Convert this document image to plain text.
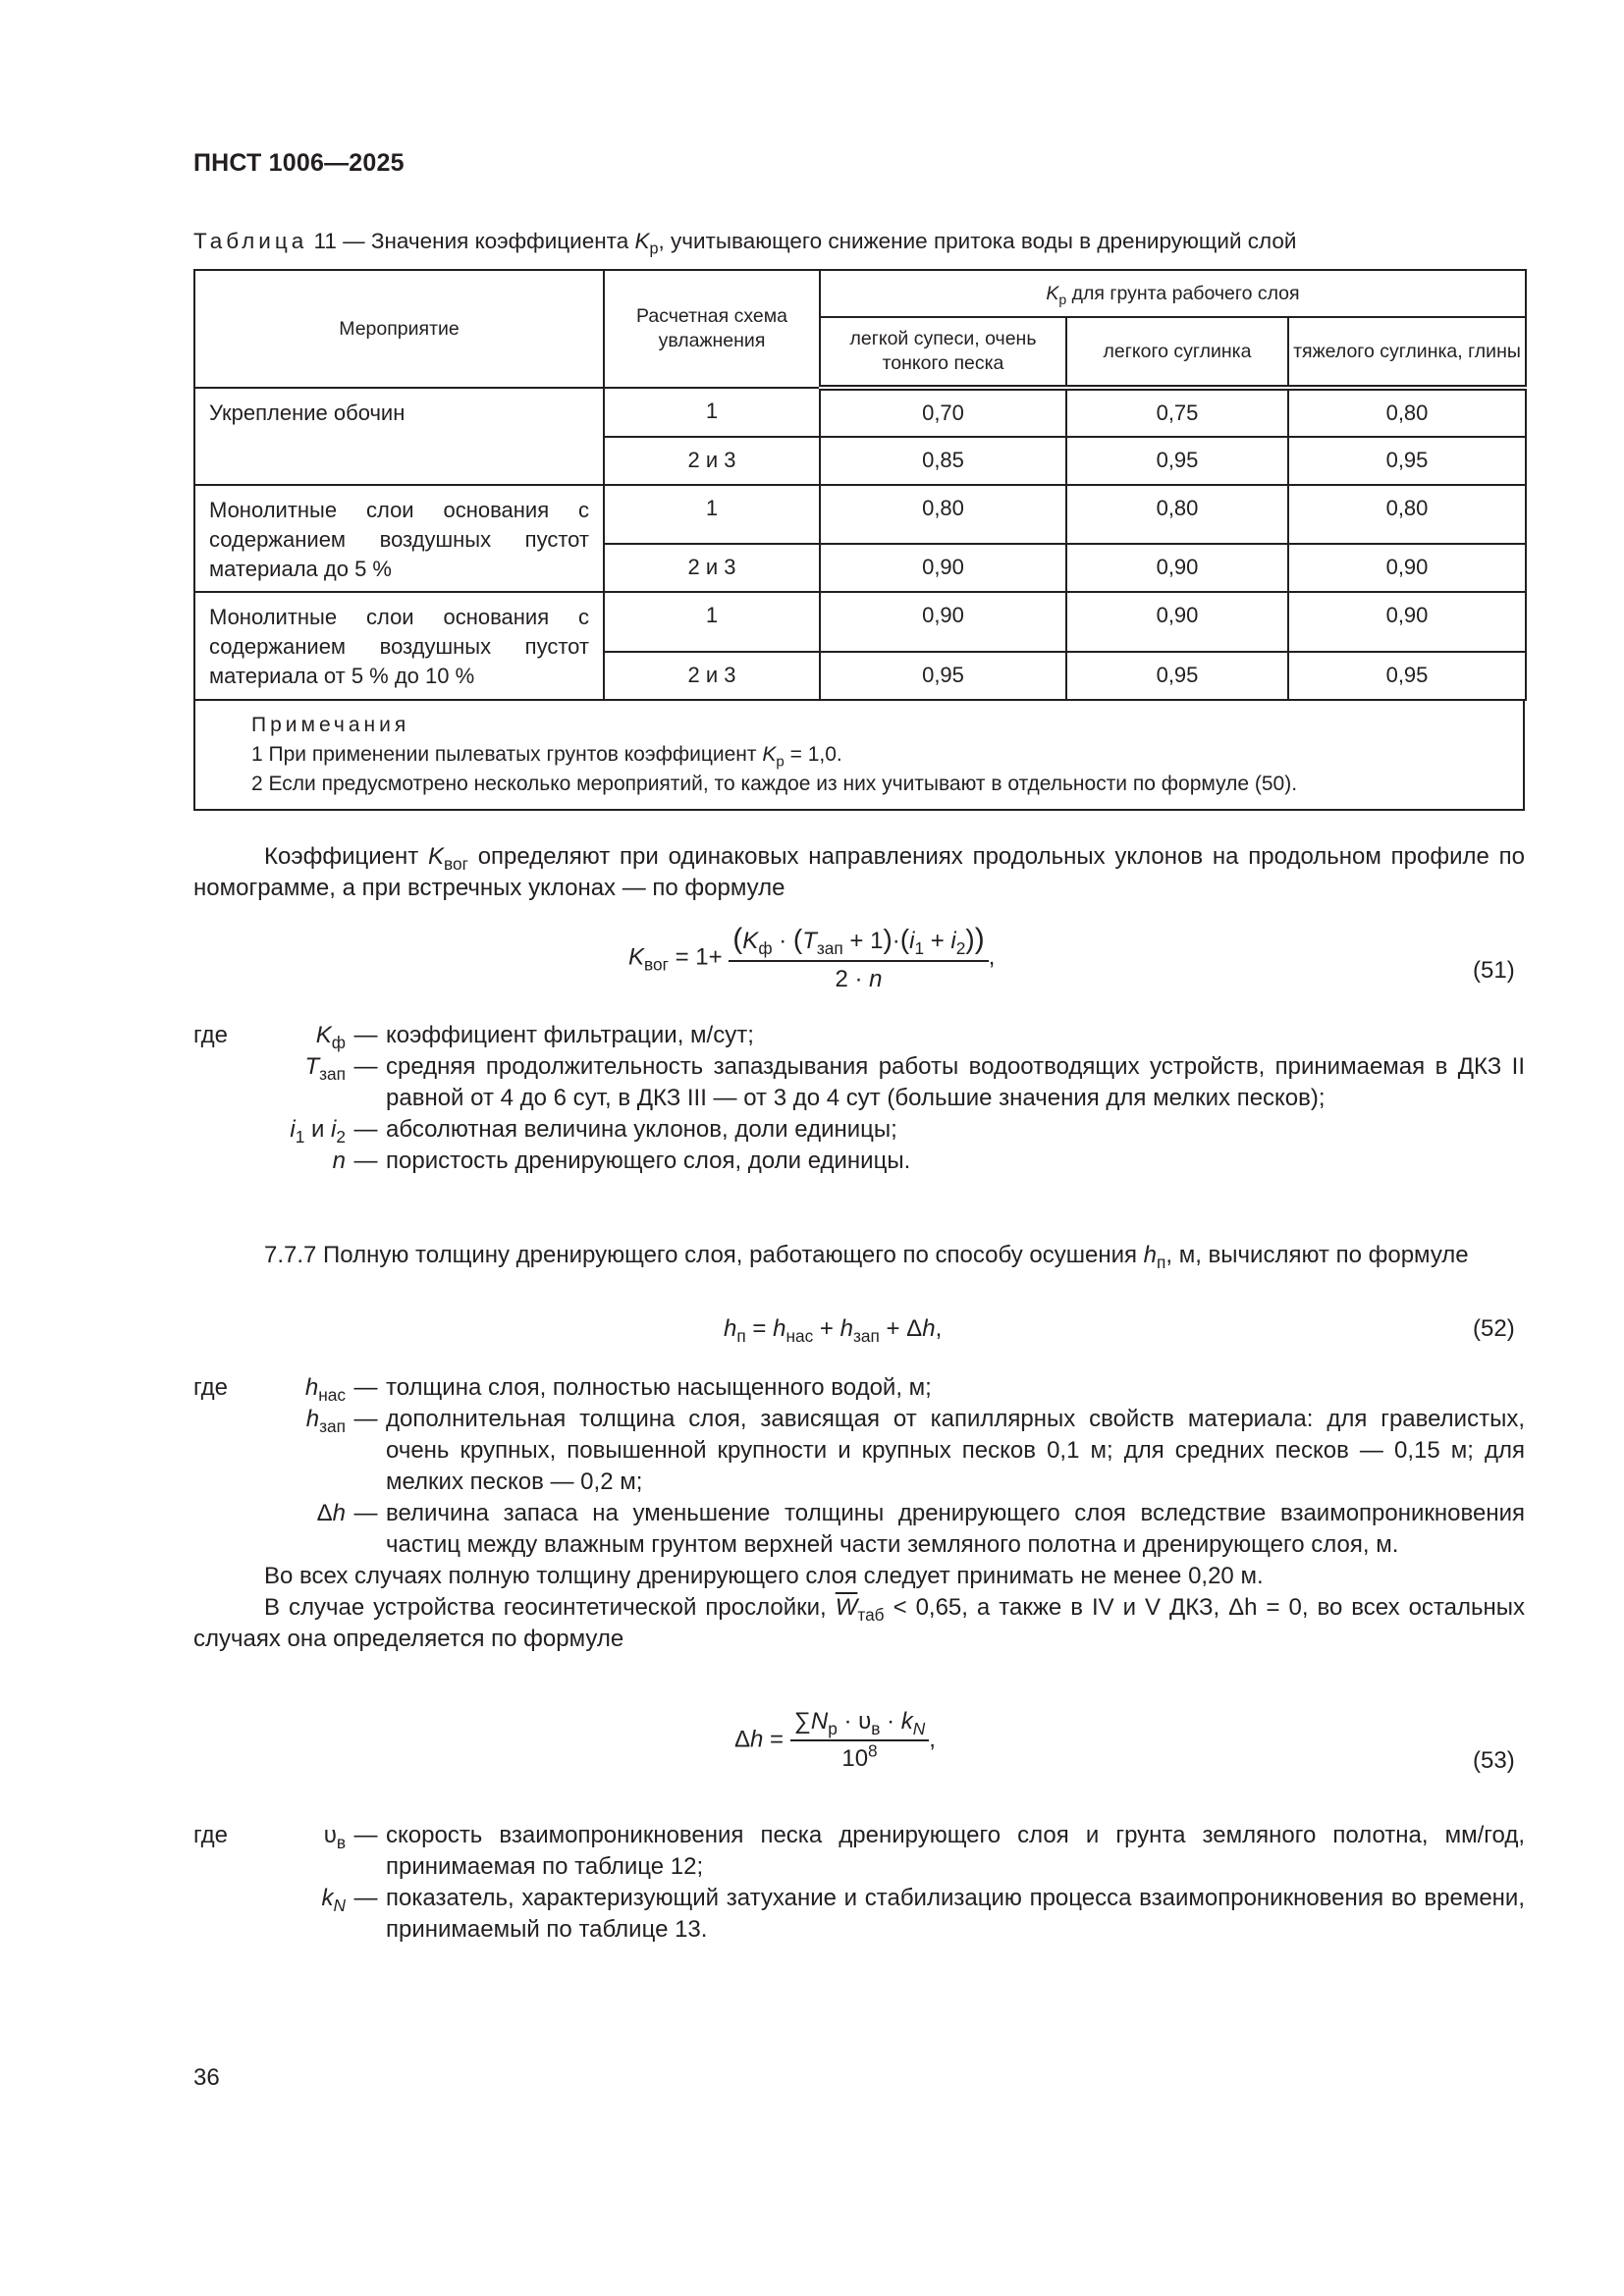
ПНСТ 1006—2025
Таблица 11 — Значения коэффициента $K_р$, учитывающего снижение притока воды в дренирующий слой
Мероприятие	Расчетная схема увлажнения	$K_р$ для грунта рабочего слоя		
		легкой супеси, очень тонкого песка	легкого суглинка	тяжелого суглинка, глины
Укрепление обочин	1	0,70	0,75	0,80
	2 и 3	0,85	0,95	0,95
Монолитные слои основания с содержанием воздушных пустот материала до 5 %	1	0,80	0,80	0,80
	2 и 3	0,90	0,90	0,90
Монолитные слои основания с содержанием воздушных пустот материала от 5 % до 10 %	1	0,90	0,90	0,90
	2 и 3	0,95	0,95	0,95
Примечания
1 При применении пылеватых грунтов коэффициент $K_р = 1,0$.
2 Если предусмотрено несколько мероприятий, то каждое из них учитывают в отдельности по формуле (50).
Коэффициент $K_{вог}$ определяют при одинаковых направлениях продольных уклонов на продольном профиле по номограмме, а при встречных уклонах — по формуле
$K_{вог} = 1+ \frac{(K_ф \cdot (T_{зап} + 1)\cdot(i_1 + i_2))}{2 \cdot n}$ ,
(51)
где	$K_ф$ — коэффициент фильтрации, м/сут;
$T_{зап}$ — средняя продолжительность запаздывания работы водоотводящих устройств, принимаемая в ДКЗ II равной от 4 до 6 сут, в ДКЗ III — от 3 до 4 сут (большие значения для мелких песков);
$i_1$ и $i_2$ — абсолютная величина уклонов, доли единицы;
n — пористость дренирующего слоя, доли единицы.
7.7.7 Полную толщину дренирующего слоя, работающего по способу осушения $h_п$, м, вычисляют по формуле
$h_п = h_{нас} + h_{зап} + \Delta h$,	(52)
где	$h_{нас}$ — толщина слоя, полностью насыщенного водой, м;
$h_{зап}$ — дополнительная толщина слоя, зависящая от капиллярных свойств материала: для гравелистых, очень крупных, повышенной крупности и крупных песков 0,1 м; для средних песков — 0,15 м; для мелких песков — 0,2 м;
Δh — величина запаса на уменьшение толщины дренирующего слоя вследствие взаимопроникновения частиц между влажным грунтом верхней части земляного полотна и дренирующего слоя, м.
Во всех случаях полную толщину дренирующего слоя следует принимать не менее 0,20 м.
В случае устройства геосинтетической прослойки, $\overline{W}_{таб} < 0,65$, а также в IV и V ДКЗ, Δh = 0, во всех остальных случаях она определяется по формуле
$\Delta h = \frac{\sum N_р \cdot \upsilon_в \cdot k_N}{10^8}$ ,
(53)
где	$\upsilon_в$ — скорость взаимопроникновения песка дренирующего слоя и грунта земляного полотна, мм/год, принимаемая по таблице 12;
$k_N$ — показатель, характеризующий затухание и стабилизацию процесса взаимопроникновения во времени, принимаемый по таблице 13.
36
